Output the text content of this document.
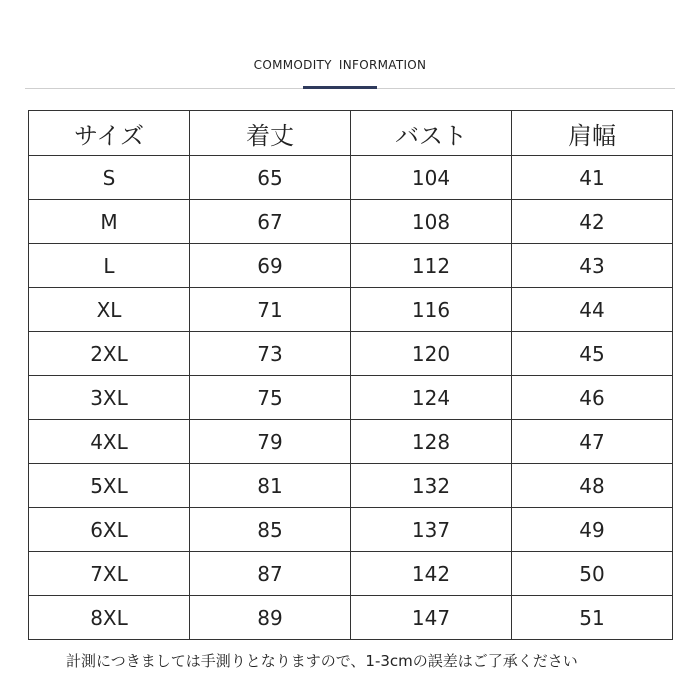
COMMODITY INFORMATION
サイズ	着丈	バスト	肩幅
S	65	104	41
M	67	108	42
L	69	112	43
XL	71	116	44
2XL	73	120	45
3XL	75	124	46
4XL	79	128	47
5XL	81	132	48
6XL	85	137	49
7XL	87	142	50
8XL	89	147	51
計測につきましては手測りとなりますので、1-3cmの誤差はご了承ください
